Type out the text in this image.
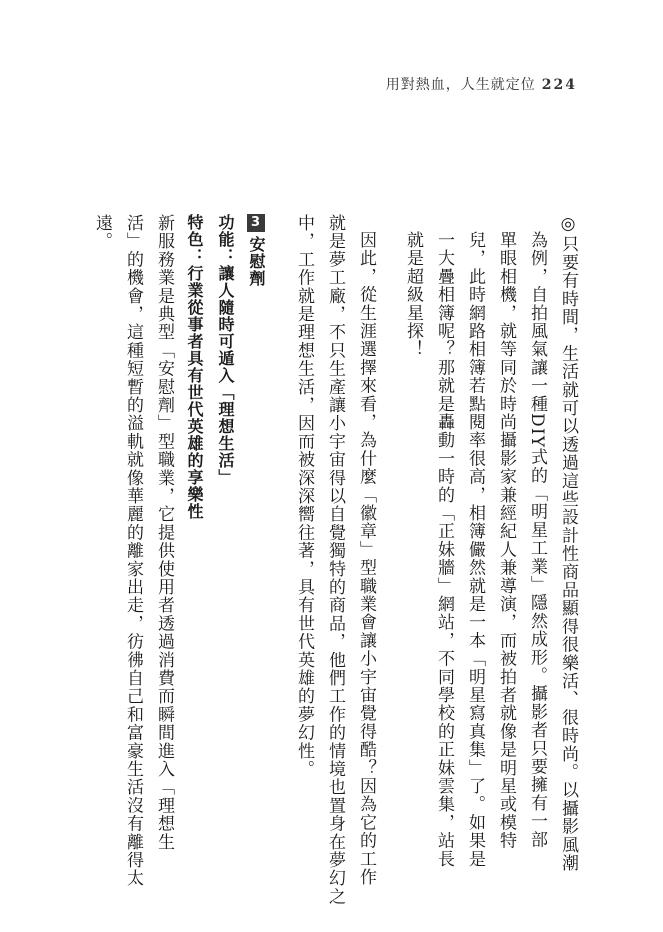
用對熱血，人生就定位 224

◎只要有時間，生活就可以透過這些設計性商品顯得很樂活、很時尚。以攝影風潮

為例，自拍風氣讓一種DIY式的「明星工業」隱然成形。攝影者只要擁有一部

單眼相機，就等同於時尚攝影家兼經紀人兼導演，而被拍者就像是明星或模特

兒，此時網路相簿若點閱率很高，相簿儼然就是一本「明星寫真集」了。如果是

一大疊相簿呢？那就是轟動一時的「正妹牆」網站，不同學校的正妹雲集，站長

就是超級星探！

因此，從生涯選擇來看，為什麼「徽章」型職業會讓小宇宙覺得酷？因為它的工作

就是夢工廠，不只生產讓小宇宙得以自覺獨特的商品，他們工作的情境也置身在夢幻之

中，工作就是理想生活，因而被深深嚮往著，具有世代英雄的夢幻性。

3安慰劑

功能：讓人隨時可遁入「理想生活」

特色：行業從事者具有世代英雄的享樂性

新服務業是典型「安慰劑」型職業，它提供使用者透過消費而瞬間進入「理想生

活」的機會，這種短暫的溢軌就像華麗的離家出走，彷彿自己和富豪生活沒有離得太

遠。
